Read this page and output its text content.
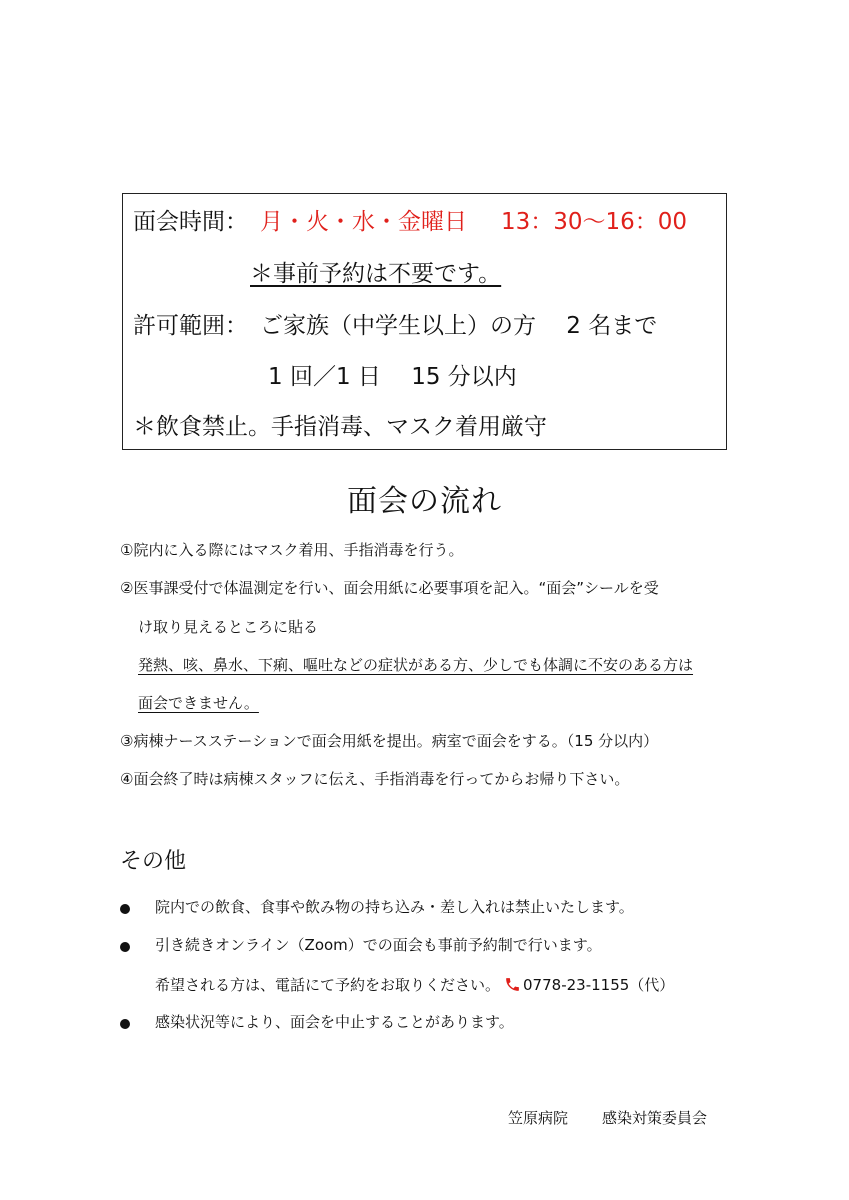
面会時間： 月・火・水・金曜日 13：30～16：00
＊事前予約は不要です。
許可範囲： ご家族（中学生以上）の方　 2 名まで
1 回／1 日　 15 分以内
＊飲食禁止。手指消毒、マスク着用厳守
面会の流れ
①院内に入る際にはマスク着用、手指消毒を行う。
②医事課受付で体温測定を行い、面会用紙に必要事項を記入。“面会”シールを受
け取り見えるところに貼る
発熱、咳、鼻水、下痢、嘔吐などの症状がある方、少しでも体調に不安のある方は
面会できません。
③病棟ナースステーションで面会用紙を提出。病室で面会をする。（15 分以内）
④面会終了時は病棟スタッフに伝え、手指消毒を行ってからお帰り下さい。
その他
院内での飲食、食事や飲み物の持ち込み・差し入れは禁止いたします。
引き続きオンライン（Zoom）での面会も事前予約制で行います。
希望される方は、電話にて予約をお取りください。 0778-23-1155（代）
感染状況等により、面会を中止することがあります。
笠原病院 感染対策委員会
